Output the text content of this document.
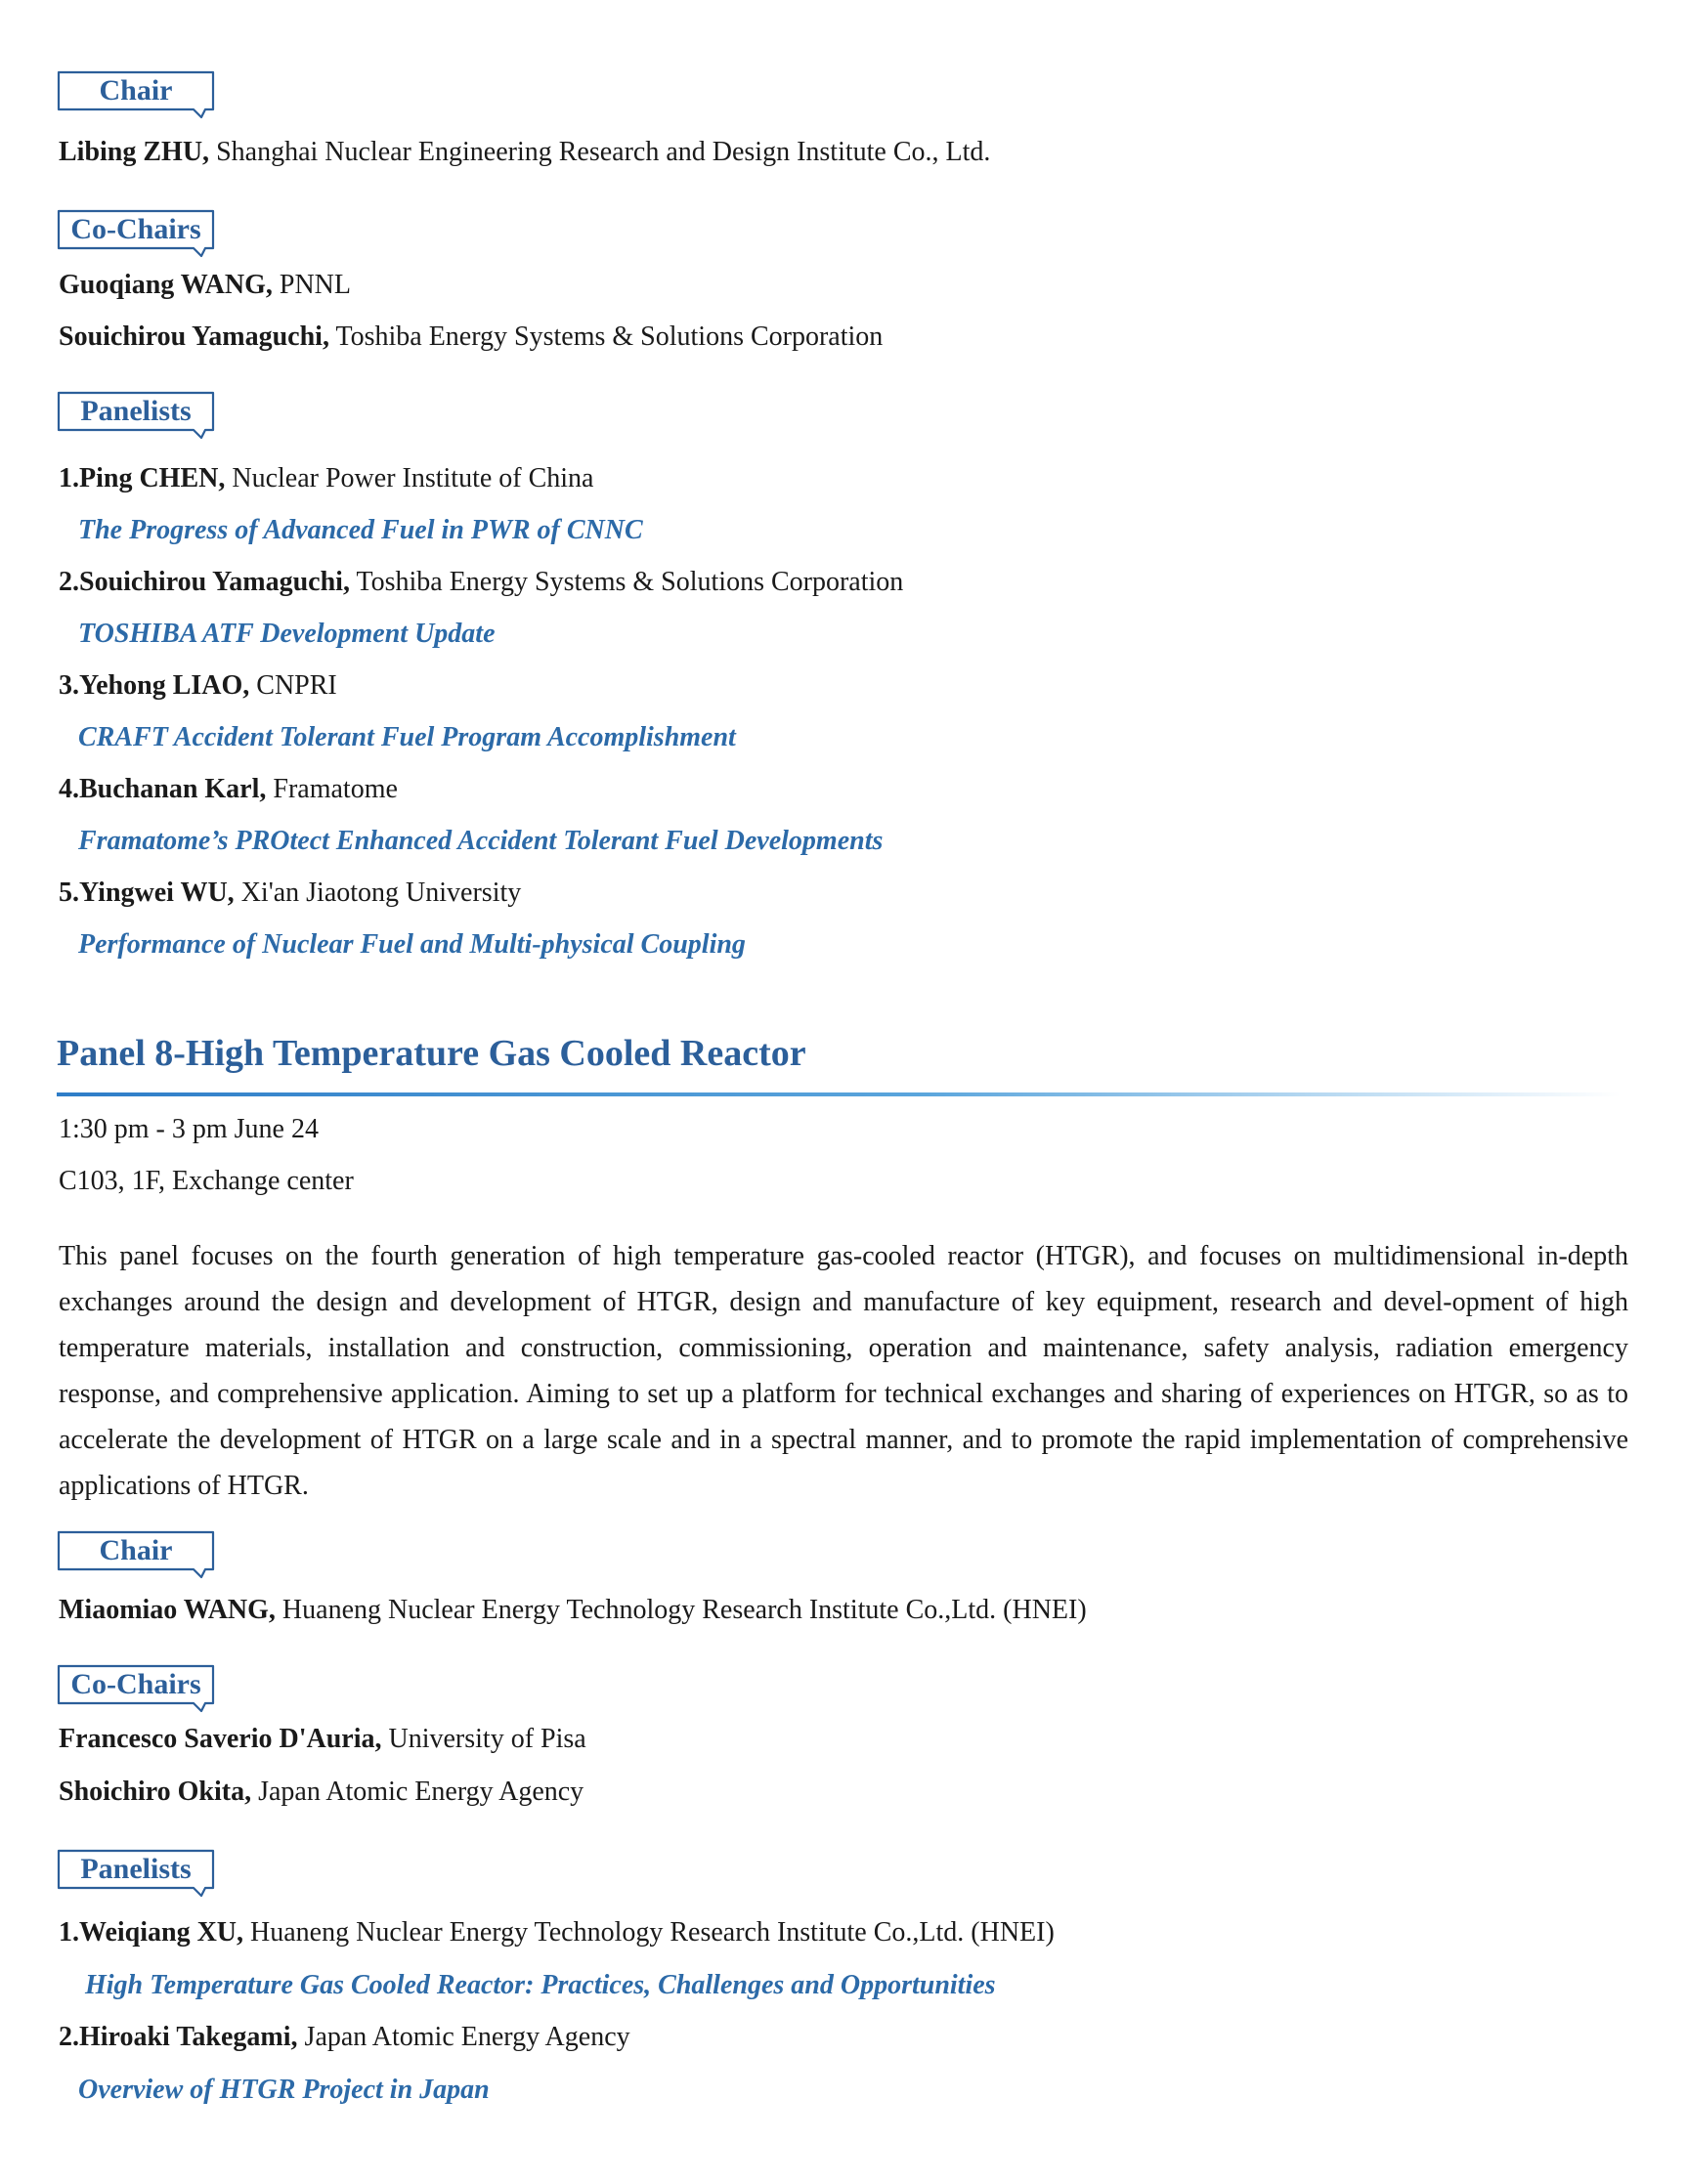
Chair
Libing ZHU, Shanghai Nuclear Engineering Research and Design Institute Co., Ltd.
Co-Chairs
Guoqiang WANG, PNNL
Souichirou Yamaguchi, Toshiba Energy Systems & Solutions Corporation
Panelists
1.Ping CHEN, Nuclear Power Institute of China
The Progress of Advanced Fuel in PWR of CNNC
2.Souichirou Yamaguchi, Toshiba Energy Systems & Solutions Corporation
TOSHIBA ATF Development Update
3.Yehong LIAO, CNPRI
CRAFT Accident Tolerant Fuel Program Accomplishment
4.Buchanan Karl, Framatome
Framatome’s PROtect Enhanced Accident Tolerant Fuel Developments
5.Yingwei WU, Xi'an Jiaotong University
Performance of Nuclear Fuel and Multi-physical Coupling
Panel 8-High Temperature Gas Cooled Reactor
1:30 pm - 3 pm June 24
C103, 1F, Exchange center
This panel focuses on the fourth generation of high temperature gas-cooled reactor (HTGR), and focuses on multidimensional in-depth exchanges around the design and development of HTGR, design and manufacture of key equipment, research and devel-opment of high temperature materials, installation and construction, commissioning, operation and maintenance, safety analysis, radiation emergency response, and comprehensive application. Aiming to set up a platform for technical exchanges and sharing of experiences on HTGR, so as to accelerate the development of HTGR on a large scale and in a spectral manner, and to promote the rapid implementation of comprehensive applications of HTGR.
Chair
Miaomiao WANG, Huaneng Nuclear Energy Technology Research Institute Co.,Ltd. (HNEI)
Co-Chairs
Francesco Saverio D'Auria, University of Pisa
Shoichiro Okita, Japan Atomic Energy Agency
Panelists
1.Weiqiang XU, Huaneng Nuclear Energy Technology Research Institute Co.,Ltd. (HNEI)
High Temperature Gas Cooled Reactor: Practices, Challenges and Opportunities
2.Hiroaki Takegami, Japan Atomic Energy Agency
Overview of HTGR Project in Japan
